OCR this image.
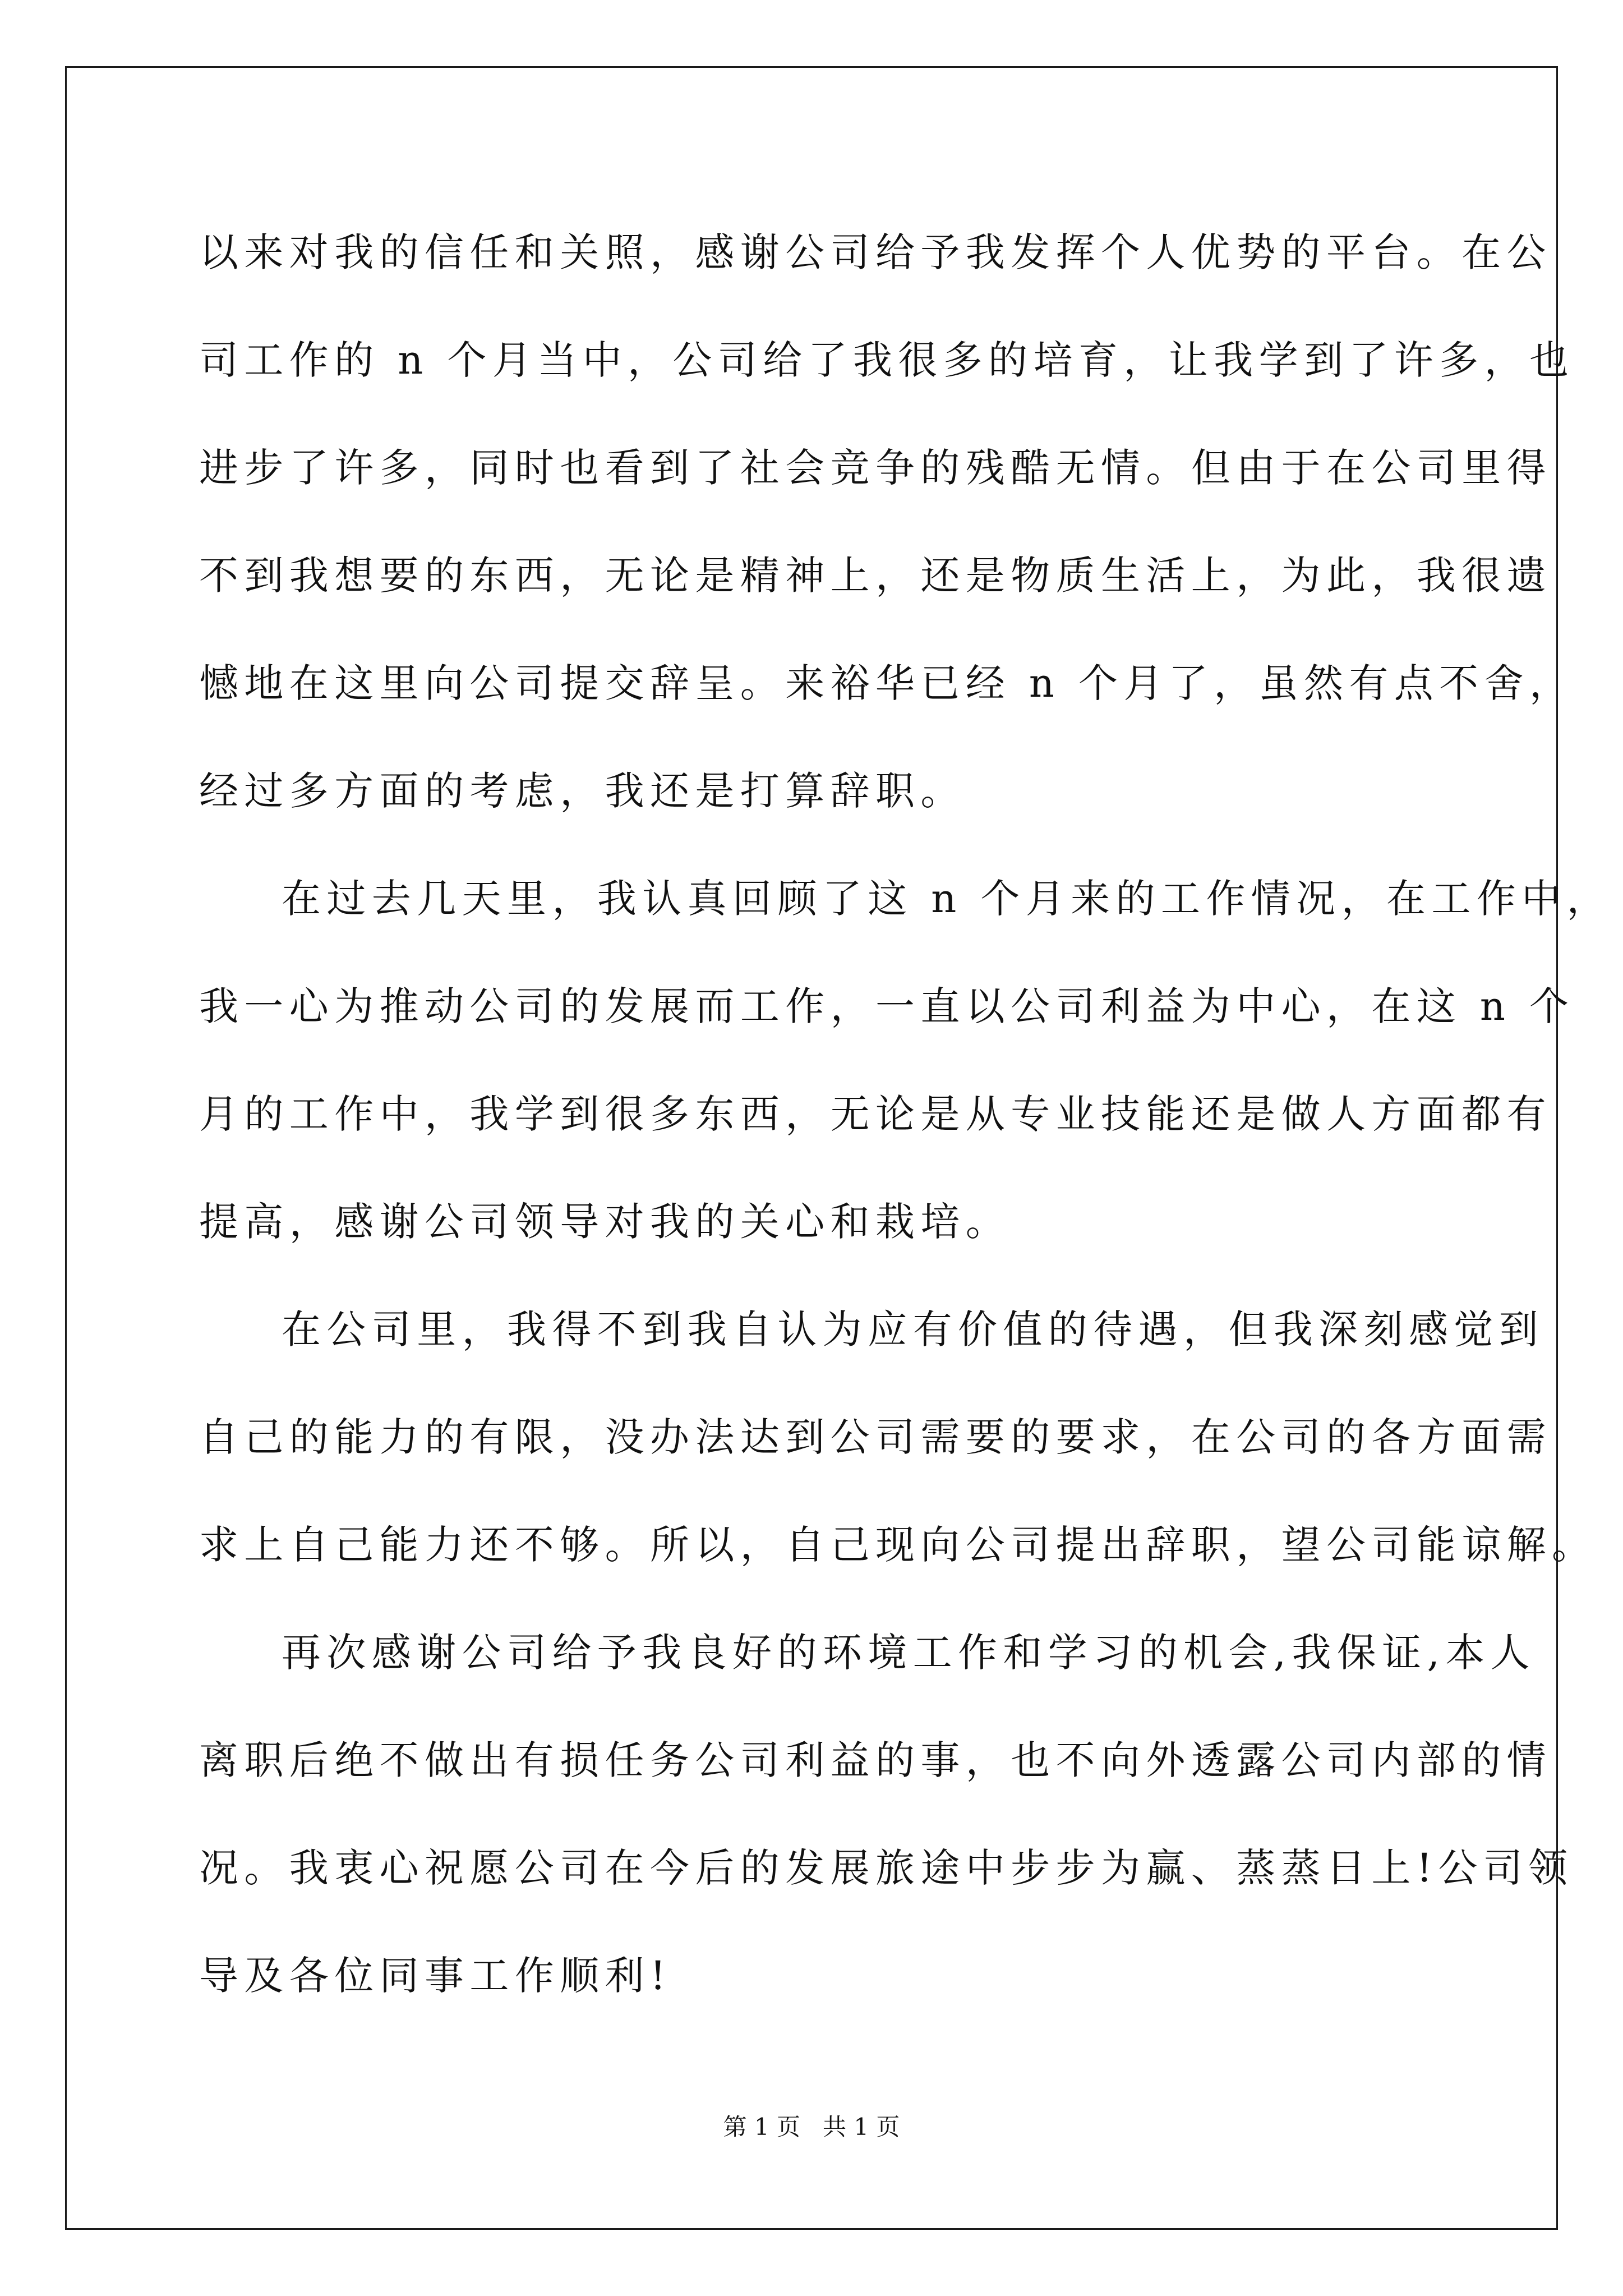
以来对我的信任和关照，感谢公司给予我发挥个人优势的平台。在公
司工作的 n 个月当中，公司给了我很多的培育，让我学到了许多，也
进步了许多，同时也看到了社会竞争的残酷无情。但由于在公司里得
不到我想要的东西，无论是精神上，还是物质生活上，为此，我很遗
憾地在这里向公司提交辞呈。来裕华已经 n 个月了，虽然有点不舍，
经过多方面的考虑，我还是打算辞职。
在过去几天里，我认真回顾了这 n 个月来的工作情况，在工作中，
我一心为推动公司的发展而工作，一直以公司利益为中心，在这 n 个
月的工作中，我学到很多东西，无论是从专业技能还是做人方面都有
提高，感谢公司领导对我的关心和栽培。
在公司里，我得不到我自认为应有价值的待遇，但我深刻感觉到
自己的能力的有限，没办法达到公司需要的要求，在公司的各方面需
求上自己能力还不够。所以，自己现向公司提出辞职，望公司能谅解。
再次感谢公司给予我良好的环境工作和学习的机会,我保证,本人
离职后绝不做出有损任务公司利益的事，也不向外透露公司内部的情
况。我衷心祝愿公司在今后的发展旅途中步步为赢、蒸蒸日上!公司领
导及各位同事工作顺利!
第 1 页 共 1 页
